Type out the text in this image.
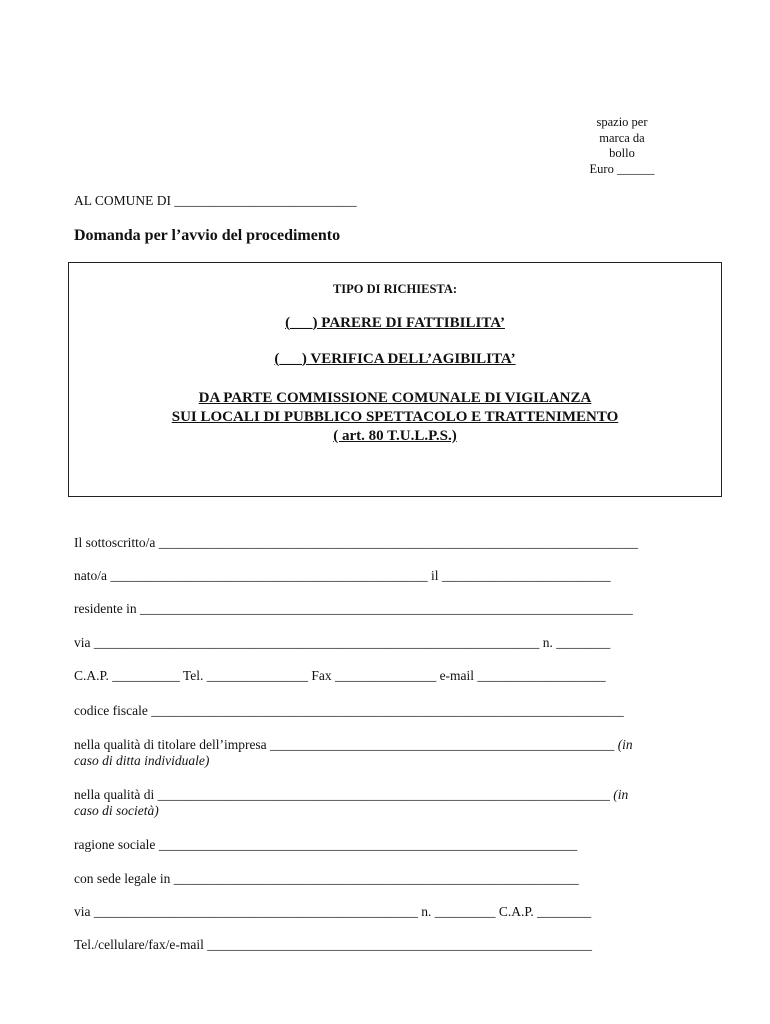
spazio per
marca da
bollo
Euro ______
AL COMUNE DI ___________________________
Domanda per l’avvio del procedimento
TIPO DI RICHIESTA:
(___) PARERE DI FATTIBILITA’
(___) VERIFICA DELL’AGIBILITA’
DA PARTE COMMISSIONE COMUNALE DI VIGILANZA
SUI LOCALI DI PUBBLICO SPETTACOLO E TRATTENIMENTO
( art. 80 T.U.L.P.S.)
Il sottoscritto/a _______________________________________________________________________
nato/a _______________________________________________ il _________________________
residente in _________________________________________________________________________
via __________________________________________________________________ n. ________
C.A.P. __________ Tel. _______________ Fax _______________ e-mail ___________________
codice fiscale ______________________________________________________________________
nella qualità di titolare dell’impresa ___________________________________________________ (in
caso di ditta individuale)
nella qualità di ___________________________________________________________________ (in
caso di società)
ragione sociale ______________________________________________________________
con sede legale in ____________________________________________________________
via ________________________________________________ n. _________ C.A.P. ________
Tel./cellulare/fax/e-mail _________________________________________________________
